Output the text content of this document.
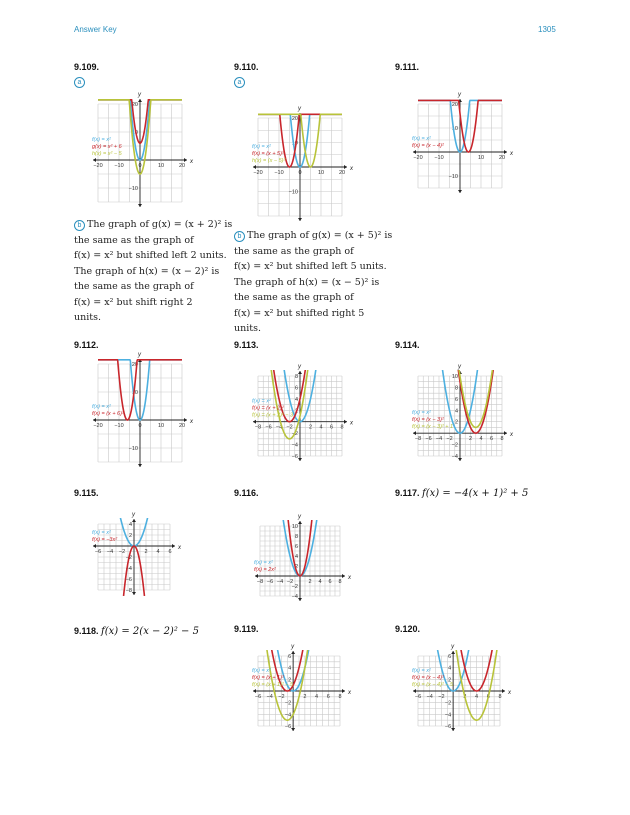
Answer Key	1305
9.109.
a
9.110.
a
9.111.
x
y
−20 −10	0	10	20
−10
10
20
f(x) = x²
g(x) = x² + 6
h(x) = x² − 5
x
y
−20 −10	0	10	20
−10
10
20
f(x) = x²
f(x) = (x + 5)²
h(x) = (x − 5)²
x
y
−20 −10	10	20
−10
10
20
f(x) = x²
f(x) = (x − 4)²
b The graph of g(x) = (x + 2)² is
the same as the graph of
f(x) = x² but shifted left 2 units.
The graph of h(x) = (x − 2)² is
the same as the graph of
f(x) = x² but shift right 2
units.
b The graph of g(x) = (x + 5)² is
the same as the graph of
f(x) = x² but shifted left 5 units.
The graph of h(x) = (x − 5)² is
the same as the graph of
f(x) = x² but shifted right 5
units.
9.112.	9.113.	9.114.
x
y
−20 −10	0	10	20
−10
10
20
f(x) = x²
f(x) = (x + 6)²
x
y
−8 −6 −4 −2	2 4 6 8
−6
−4
−2
2
4
6
8
f(x) = x²
f(x) = (x + 2)²
f(x) = (x + 2)² − 3
x
y
−8 −6 −4 −2	2 4 6 8
−4
−2
2
4
6
8
10
f(x) = x²
f(x) = (x − 3)²
f(x) = (x − 3)² + 1
9.115.	9.116.	9.117. f(x) = −4(x + 1)² + 5
x
y
−6 −4 −2	2 4 6
−8
−6
−4
−2
2
4
f(x) = x²
f(x) = −3x²
x
y
−8 −6 −4 −2	2 4 6 8
−4
−2
2
4
6
8
10
f(x) = x²
f(x) = 2x²
9.118. f(x) = 2(x − 2)² − 5	9.119.	9.120.
x
y
−6 −4 −2	2 4 6 8
−6
−4
−2
2
4
6
f(x) = x²
f(x) = (x + 1)²
f(x) = (x + 1)² − 5
x
y
−6 −4 −2	2 4 6 8
−6
−4
−2
2
4
6
f(x) = x²
f(x) = (x − 4)²
f(x) = (x − 4)² − 5
